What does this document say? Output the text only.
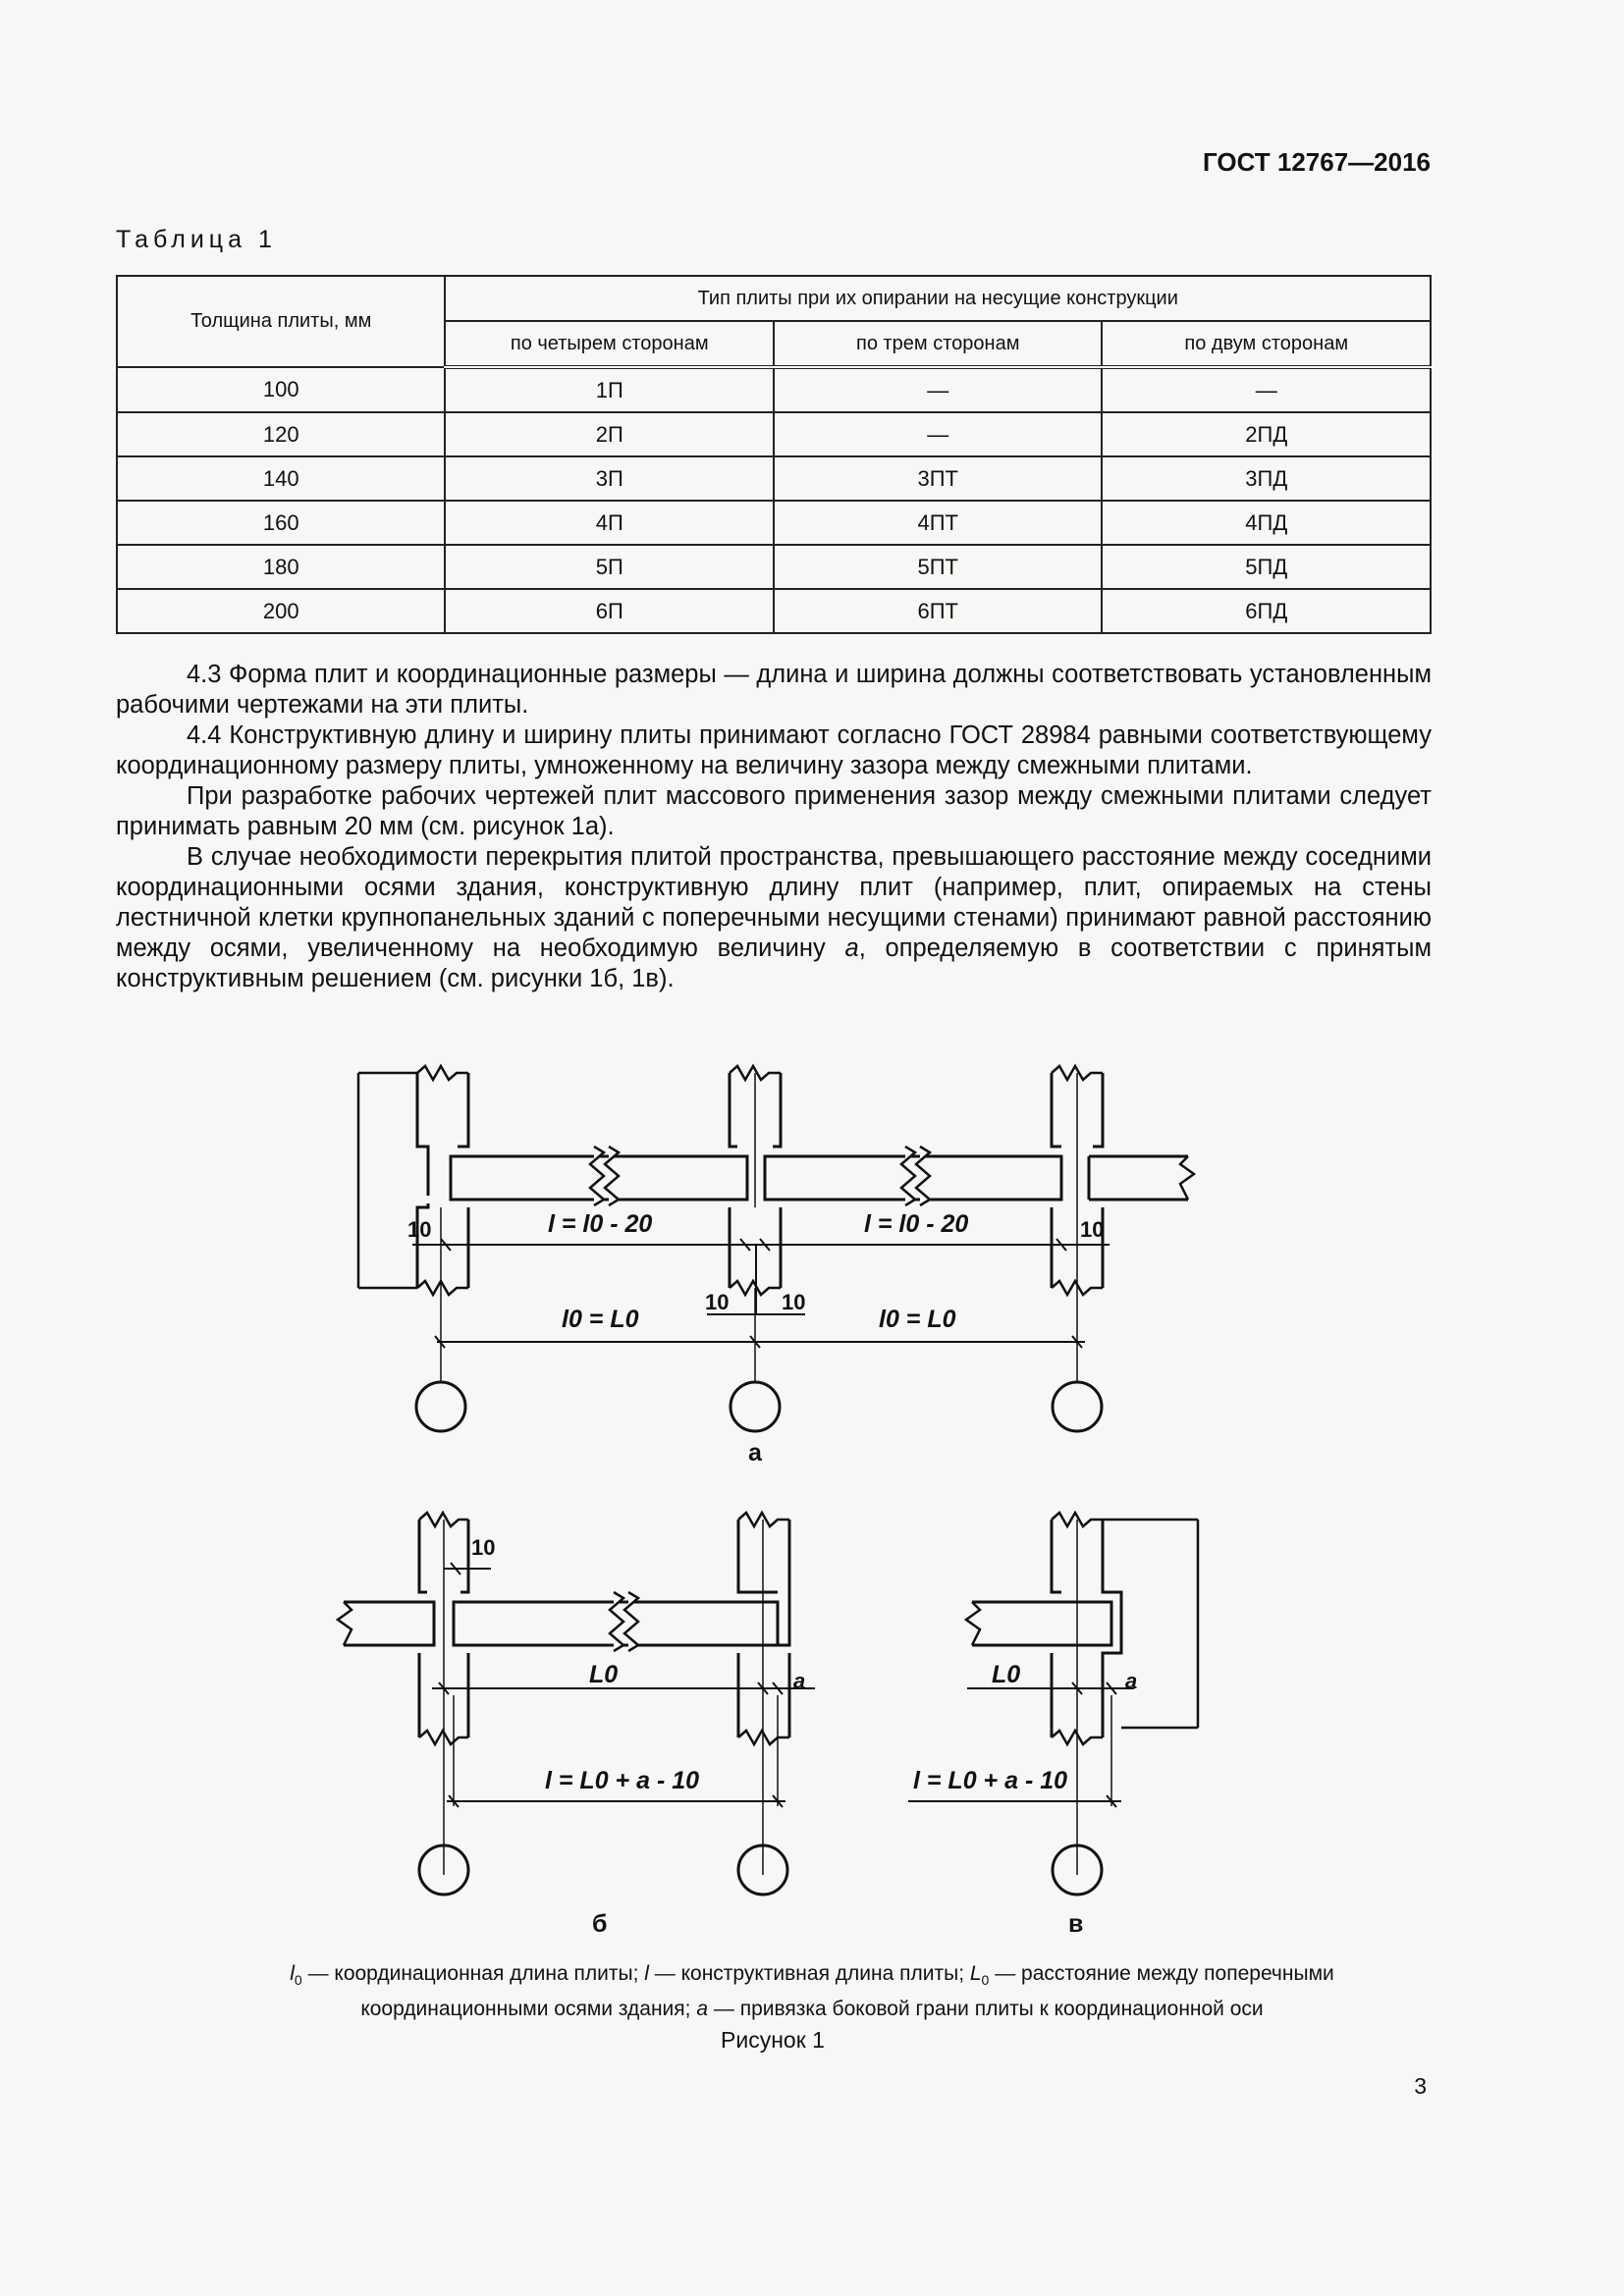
ГОСТ 12767—2016
Таблица 1
Толщина плиты, мм	Тип плиты при их опирании на несущие конструкции		
	по четырем сторонам	по трем сторонам	по двум сторонам
100	1П	—	—
120	2П	—	2ПД
140	3П	3ПТ	3ПД
160	4П	4ПТ	4ПД
180	5П	5ПТ	5ПД
200	6П	6ПТ	6ПД

4.3 Форма плит и координационные размеры — длина и ширина должны соответствовать установленным рабочими чертежами на эти плиты.

4.4 Конструктивную длину и ширину плиты принимают согласно ГОСТ 28984 равными соответствующему координационному размеру плиты, умноженному на величину зазора между смежными плитами.

При разработке рабочих чертежей плит массового применения зазор между смежными плитами следует принимать равным 20 мм (см. рисунок 1а).

В случае необходимости перекрытия плитой пространства, превышающего расстояние между соседними координационными осями здания, конструктивную длину плит (например, плит, опираемых на стены лестничной клетки крупнопанельных зданий с поперечными несущими стенами) принимают равной расстоянию между осями, увеличенному на необходимую величину a, определяемую в соответствии с принятым конструктивным решением (см. рисунки 1б, 1в).

10	l = l0 - 20	l = l0 - 20	10
10 10
l0 = L0	l0 = L0
а
10
L0	a
l = L0 + a - 10
б
L0	a
l = L0 + a - 10
в
$l_0$ — координационная длина плиты; l — конструктивная длина плиты; $L_0$ — расстояние между поперечными
координационными осями здания; a — привязка боковой грани плиты к координационной оси
Рисунок 1
3
